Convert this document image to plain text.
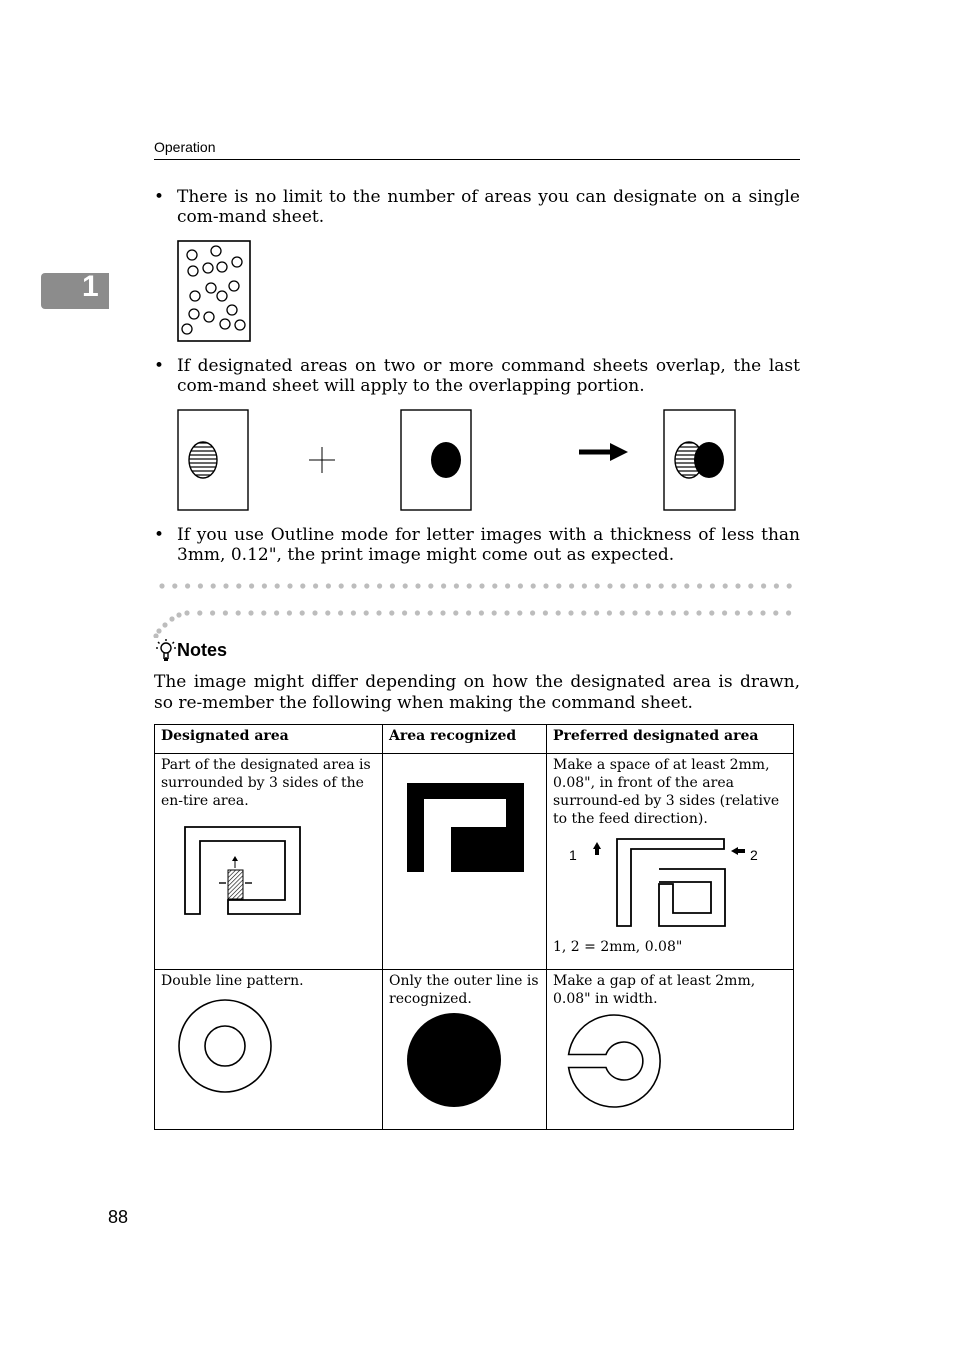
Operation
1
• There is no limit to the number of areas you can designate on a single com-mand sheet.
• If designated areas on two or more command sheets overlap, the last com-mand sheet will apply to the overlapping portion.
• If you use Outline mode for letter images with a thickness of less than 3mm, 0.12", the print image might come out as expected.
Notes
The image might differ depending on how the designated area is drawn, so re-member the following when making the command sheet.
Designated area	Area recognized	Preferred designated area

Part of the designated area is surrounded by 3 sides of the en-tire area.		Make a space of at least 2mm, 0.08", in front of the area surround-ed by 3 sides (relative to the feed direction).
1 2
1, 2 = 2mm, 0.08"

Double line pattern.	Only the outer line is recognized.	Make a gap of at least 2mm, 0.08" in width.
88
